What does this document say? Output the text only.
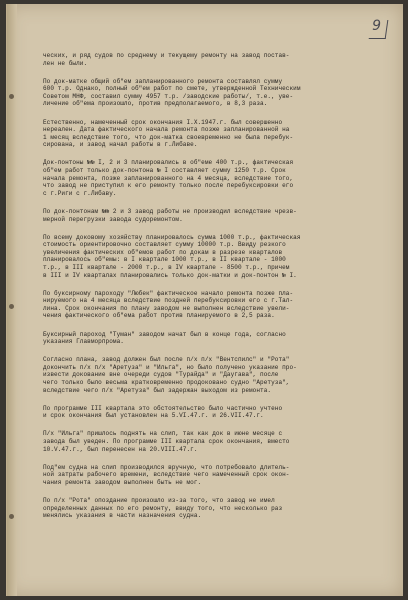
9
ческих, и ряд судов по среднему и текущему ремонту на завод постав-
лен не были.
По док-матке общий об"ем запланированного ремонта составлял сумму
600 т.р. Однако, полный об"ем работ по смете, утвержденной Техническим
Советом МНФ, составил сумму 4957 т.р. /заводские работы/, т.е., уве-
личение об"ема произошло, против предполагаемого, в 8,3 раза.
Естественно, намеченный срок окончания I.X.1947.г. был совершенно
нереален. Дата фактического начала ремонта позже запланированной на
1 месяц вследствие того, что док-матка своевременно не была перебук-
сирована, и завод начал работы в г.Либаве.
Док-понтоны №№ I, 2 и 3 планировались в об"еме 400 т.р., фактическая
об"ем работ только док-понтона № I составляет сумму 1250 т.р. Срок
начала ремонта, позже запланированного на 4 месяца, вследствие того,
что завод не приступил к его ремонту только после перебуксировки его
с г.Риги с г.Либаву.
По док-понтонам №№ 2 и 3 завод работы не производил вследствие чрезв-
мерной перегрузки завода судоремонтом.
По всему доковому хозяйству планировалось сумма 1000 т.р., фактическая
стоимость ориентировочно составляет сумму 10000 т.р. Ввиду резкого
увеличения фактических об"емов работ по докам в разрезе кварталов
планировалось об"емы: в I квартале 1000 т.р., в II квартале - 1000
т.р., в III квартале - 2000 т.р., в IV квартале - 8500 т.р., причем
в III и IV кварталах планировались только док-матки и док-понтон № I.
По буксирному пароходу "Любек" фактическое начало ремонта позже пла-
нируемого на 4 месяца вследствие поздней перебуксировки его с г.Тал-
лина. Срок окончания по плану заводом не выполнен вследствие увели-
чения фактического об"ема работ против планируемого в 2,5 раза.
Буксирный пароход "Туман" заводом начат был в конце года, согласно
указания Главморпрома.
Согласно плана, завод должен был после п/х п/х "Вентспилс" и "Рота"
докончить п/х п/х "Аретуза" и "Ильга", но было получено указание про-
извести докование вне очереди судов "Турайда" и "Даугава", после
чего только было весьма кратковременно продоковано судно "Аретуза",
вследствие чего п/х "Аретуза" был задержан выходом из ремонта.
По программе III квартала это обстоятельство было частично учтено
и срок окончания был установлен на 5.VI.47.г. и 26.VII.47.г.
П/х "Ильга" пришлось поднять на слип, так как док в июне месяце с
завода был уведен. По программе III квартала срок окончания, вместо
10.V.47.г., был перенесен на 20.VIII.47.г.
Под"ем судна на слип производился вручную, что потребовало длитель-
ной затраты рабочего времени, вследствие чего намеченный срок окон-
чания ремонта заводом выполнен быть не мог.
По п/х "Рота" опоздание произошло из-за того, что завод не имел
определенных данных по его ремонту, ввиду того, что несколько раз
менялись указания в части назначения судна.
